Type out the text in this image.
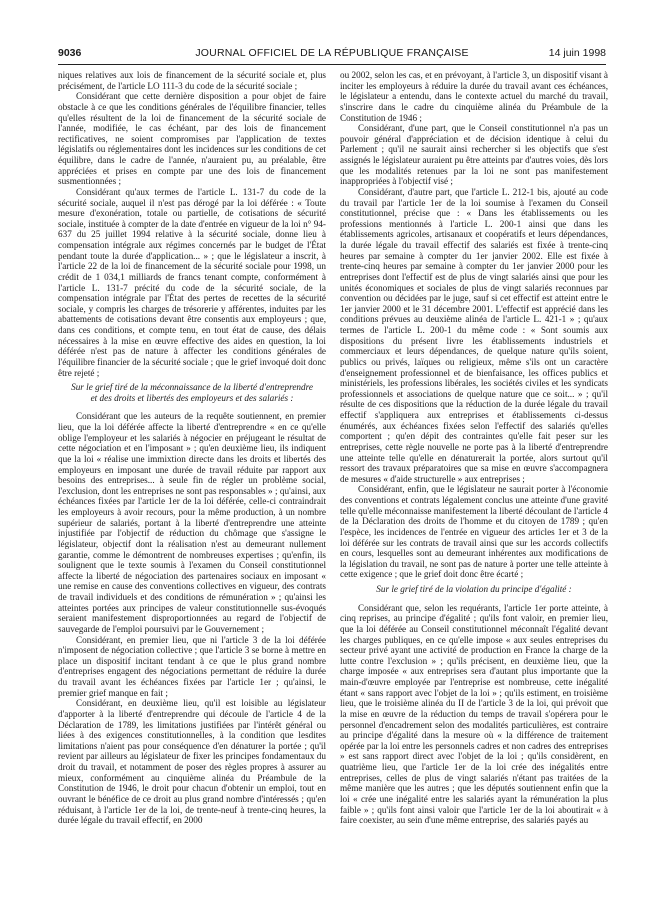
9036	JOURNAL OFFICIEL DE LA RÉPUBLIQUE FRANÇAISE	14 juin 1998

niques relatives aux lois de financement de la sécurité sociale et, plus précisément, de l'article LO 111-3 du code de la sécurité sociale ;

Considérant que cette dernière disposition a pour objet de faire obstacle à ce que les conditions générales de l'équilibre financier, telles qu'elles résultent de la loi de financement de la sécurité sociale de l'année, modifiée, le cas échéant, par des lois de financement rectificatives, ne soient compromises par l'application de textes législatifs ou réglementaires dont les incidences sur les conditions de cet équilibre, dans le cadre de l'année, n'auraient pu, au préalable, être appréciées et prises en compte par une des lois de financement susmentionnées ;

Considérant qu'aux termes de l'article L. 131-7 du code de la sécurité sociale, auquel il n'est pas dérogé par la loi déférée : « Toute mesure d'exonération, totale ou partielle, de cotisations de sécurité sociale, instituée à compter de la date d'entrée en vigueur de la loi n° 94-637 du 25 juillet 1994 relative à la sécurité sociale, donne lieu à compensation intégrale aux régimes concernés par le budget de l'État pendant toute la durée d'application... » ; que le législateur a inscrit, à l'article 22 de la loi de financement de la sécurité sociale pour 1998, un crédit de 1 034,1 milliards de francs tenant compte, conformément à l'article L. 131-7 précité du code de la sécurité sociale, de la compensation intégrale par l'État des pertes de recettes de la sécurité sociale, y compris les charges de trésorerie y afférentes, induites par les abattements de cotisations devant être consentis aux employeurs ; que, dans ces conditions, et compte tenu, en tout état de cause, des délais nécessaires à la mise en œuvre effective des aides en question, la loi déférée n'est pas de nature à affecter les conditions générales de l'équilibre financier de la sécurité sociale ; que le grief invoqué doit donc être rejeté ;

Sur le grief tiré de la méconnaissance de la liberté d'entreprendre et des droits et libertés des employeurs et des salariés :

Considérant que les auteurs de la requête soutiennent, en premier lieu, que la loi déférée affecte la liberté d'entreprendre « en ce qu'elle oblige l'employeur et les salariés à négocier en préjugeant le résultat de cette négociation et en l'imposant » ; qu'en deuxième lieu, ils indiquent que la loi « réalise une immixtion directe dans les droits et libertés des employeurs en imposant une durée de travail réduite par rapport aux besoins des entreprises... à seule fin de régler un problème social, l'exclusion, dont les entreprises ne sont pas responsables » ; qu'ainsi, aux échéances fixées par l'article 1er de la loi déférée, celle-ci contraindrait les employeurs à avoir recours, pour la même production, à un nombre supérieur de salariés, portant à la liberté d'entreprendre une atteinte injustifiée par l'objectif de réduction du chômage que s'assigne le législateur, objectif dont la réalisation n'est au demeurant nullement garantie, comme le démontrent de nombreuses expertises ; qu'enfin, ils soulignent que le texte soumis à l'examen du Conseil constitutionnel affecte la liberté de négociation des partenaires sociaux en imposant « une remise en cause des conventions collectives en vigueur, des contrats de travail individuels et des conditions de rémunération » ; qu'ainsi les atteintes portées aux principes de valeur constitutionnelle sus-évoqués seraient manifestement disproportionnées au regard de l'objectif de sauvegarde de l'emploi poursuivi par le Gouvernement ;

Considérant, en premier lieu, que ni l'article 3 de la loi déférée n'imposent de négociation collective ; que l'article 3 se borne à mettre en place un dispositif incitant tendant à ce que le plus grand nombre d'entreprises engagent des négociations permettant de réduire la durée du travail avant les échéances fixées par l'article 1er ; qu'ainsi, le premier grief manque en fait ;

Considérant, en deuxième lieu, qu'il est loisible au législateur d'apporter à la liberté d'entreprendre qui découle de l'article 4 de la Déclaration de 1789, les limitations justifiées par l'intérêt général ou liées à des exigences constitutionnelles, à la condition que lesdites limitations n'aient pas pour conséquence d'en dénaturer la portée ; qu'il revient par ailleurs au législateur de fixer les principes fondamentaux du droit du travail, et notamment de poser des règles propres à assurer au mieux, conformément au cinquième alinéa du Préambule de la Constitution de 1946, le droit pour chacun d'obtenir un emploi, tout en ouvrant le bénéfice de ce droit au plus grand nombre d'intéressés ; qu'en réduisant, à l'article 1er de la loi, de trente-neuf à trente-cinq heures, la durée légale du travail effectif, en 2000

ou 2002, selon les cas, et en prévoyant, à l'article 3, un dispositif visant à inciter les employeurs à réduire la durée du travail avant ces échéances, le législateur a entendu, dans le contexte actuel du marché du travail, s'inscrire dans le cadre du cinquième alinéa du Préambule de la Constitution de 1946 ;

Considérant, d'une part, que le Conseil constitutionnel n'a pas un pouvoir général d'appréciation et de décision identique à celui du Parlement ; qu'il ne saurait ainsi rechercher si les objectifs que s'est assignés le législateur auraient pu être atteints par d'autres voies, dès lors que les modalités retenues par la loi ne sont pas manifestement inappropriées à l'objectif visé ;

Considérant, d'autre part, que l'article L. 212-1 bis, ajouté au code du travail par l'article 1er de la loi soumise à l'examen du Conseil constitutionnel, précise que : « Dans les établissements ou les professions mentionnés à l'article L. 200-1 ainsi que dans les établissements agricoles, artisanaux et coopératifs et leurs dépendances, la durée légale du travail effectif des salariés est fixée à trente-cinq heures par semaine à compter du 1er janvier 2002. Elle est fixée à trente-cinq heures par semaine à compter du 1er janvier 2000 pour les entreprises dont l'effectif est de plus de vingt salariés ainsi que pour les unités économiques et sociales de plus de vingt salariés reconnues par convention ou décidées par le juge, sauf si cet effectif est atteint entre le 1er janvier 2000 et le 31 décembre 2001. L'effectif est apprécié dans les conditions prévues au deuxième alinéa de l'article L. 421-1 » ; qu'aux termes de l'article L. 200-1 du même code : « Sont soumis aux dispositions du présent livre les établissements industriels et commerciaux et leurs dépendances, de quelque nature qu'ils soient, publics ou privés, laïques ou religieux, même s'ils ont un caractère d'enseignement professionnel et de bienfaisance, les offices publics et ministériels, les professions libérales, les sociétés civiles et les syndicats professionnels et associations de quelque nature que ce soit... » ; qu'il résulte de ces dispositions que la réduction de la durée légale du travail effectif s'appliquera aux entreprises et établissements ci-dessus énumérés, aux échéances fixées selon l'effectif des salariés qu'elles comportent ; qu'en dépit des contraintes qu'elle fait peser sur les entreprises, cette règle nouvelle ne porte pas à la liberté d'entreprendre une atteinte telle qu'elle en dénaturerait la portée, alors surtout qu'il ressort des travaux préparatoires que sa mise en œuvre s'accompagnera de mesures « d'aide structurelle » aux entreprises ;

Considérant, enfin, que le législateur ne saurait porter à l'économie des conventions et contrats légalement conclus une atteinte d'une gravité telle qu'elle méconnaisse manifestement la liberté découlant de l'article 4 de la Déclaration des droits de l'homme et du citoyen de 1789 ; qu'en l'espèce, les incidences de l'entrée en vigueur des articles 1er et 3 de la loi déférée sur les contrats de travail ainsi que sur les accords collectifs en cours, lesquelles sont au demeurant inhérentes aux modifications de la législation du travail, ne sont pas de nature à porter une telle atteinte à cette exigence ; que le grief doit donc être écarté ;

Sur le grief tiré de la violation du principe d'égalité :

Considérant que, selon les requérants, l'article 1er porte atteinte, à cinq reprises, au principe d'égalité ; qu'ils font valoir, en premier lieu, que la loi déférée au Conseil constitutionnel méconnaît l'égalité devant les charges publiques, en ce qu'elle impose « aux seules entreprises du secteur privé ayant une activité de production en France la charge de la lutte contre l'exclusion » ; qu'ils précisent, en deuxième lieu, que la charge imposée « aux entreprises sera d'autant plus importante que la main-d'œuvre employée par l'entreprise est nombreuse, cette inégalité étant « sans rapport avec l'objet de la loi » ; qu'ils estiment, en troisième lieu, que le troisième alinéa du II de l'article 3 de la loi, qui prévoit que la mise en œuvre de la réduction du temps de travail s'opérera pour le personnel d'encadrement selon des modalités particulières, est contraire au principe d'égalité dans la mesure où « la différence de traitement opérée par la loi entre les personnels cadres et non cadres des entreprises » est sans rapport direct avec l'objet de la loi ; qu'ils considèrent, en quatrième lieu, que l'article 1er de la loi crée des inégalités entre entreprises, celles de plus de vingt salariés n'étant pas traitées de la même manière que les autres ; que les députés soutiennent enfin que la loi « crée une inégalité entre les salariés ayant la rémunération la plus faible » ; qu'ils font ainsi valoir que l'article 1er de la loi aboutirait « à faire coexister, au sein d'une même entreprise, des salariés payés au
